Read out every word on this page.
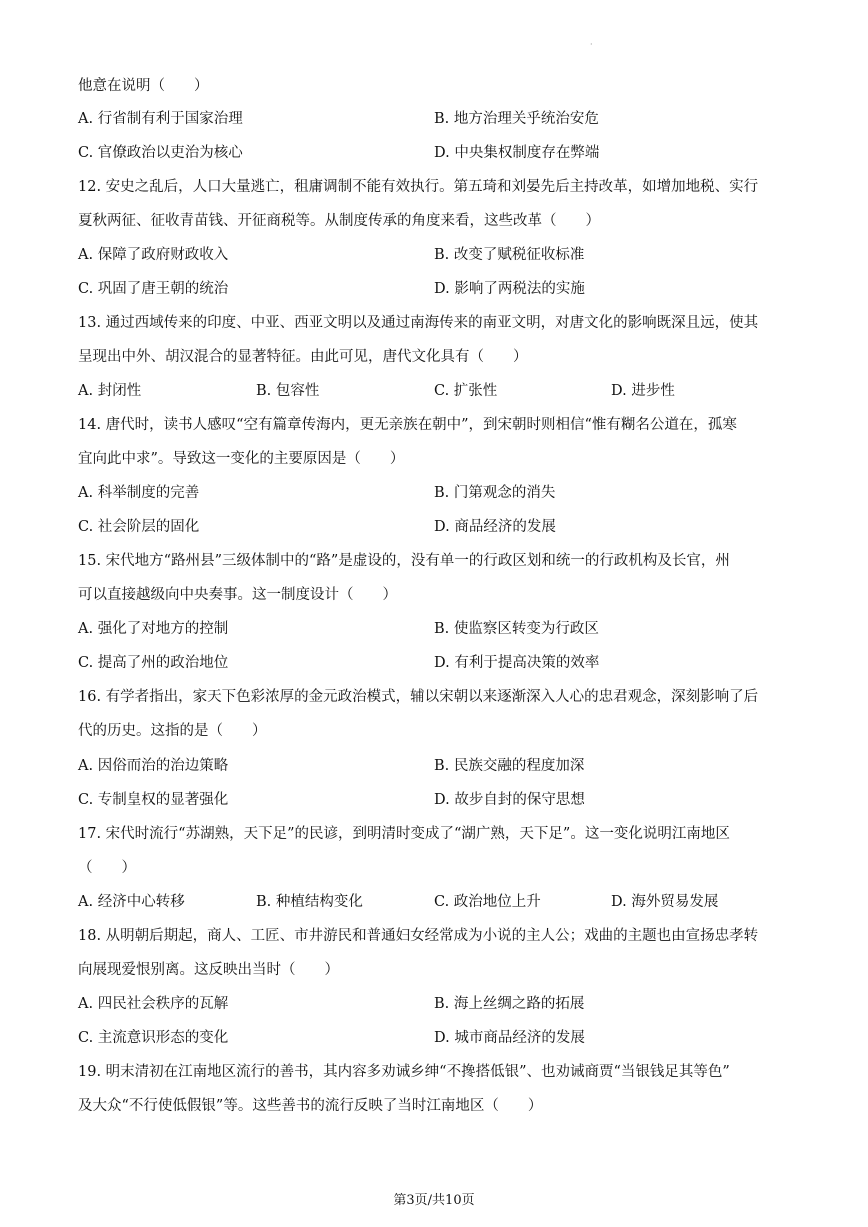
·
他意在说明（　　）
A. 行省制有利于国家治理	B. 地方治理关乎统治安危
C. 官僚政治以吏治为核心	D. 中央集权制度存在弊端
12. 安史之乱后，人口大量逃亡，租庸调制不能有效执行。第五琦和刘晏先后主持改革，如增加地税、实行
夏秋两征、征收青苗钱、开征商税等。从制度传承的角度来看，这些改革（　　）
A. 保障了政府财政收入	B. 改变了赋税征收标准
C. 巩固了唐王朝的统治	D. 影响了两税法的实施
13. 通过西域传来的印度、中亚、西亚文明以及通过南海传来的南亚文明，对唐文化的影响既深且远，使其
呈现出中外、胡汉混合的显著特征。由此可见，唐代文化具有（　　）
A. 封闭性	B. 包容性	C. 扩张性	D. 进步性
14. 唐代时，读书人感叹“空有篇章传海内，更无亲族在朝中”，到宋朝时则相信“惟有糊名公道在，孤寒
宜向此中求”。导致这一变化的主要原因是（　　）
A. 科举制度的完善	B. 门第观念的消失
C. 社会阶层的固化	D. 商品经济的发展
15. 宋代地方“路州县”三级体制中的“路”是虚设的，没有单一的行政区划和统一的行政机构及长官，州
可以直接越级向中央奏事。这一制度设计（　　）
A. 强化了对地方的控制	B. 使监察区转变为行政区
C. 提高了州的政治地位	D. 有利于提高决策的效率
16. 有学者指出，家天下色彩浓厚的金元政治模式，辅以宋朝以来逐渐深入人心的忠君观念，深刻影响了后
代的历史。这指的是（　　）
A. 因俗而治的治边策略	B. 民族交融的程度加深
C. 专制皇权的显著强化	D. 故步自封的保守思想
17. 宋代时流行“苏湖熟，天下足”的民谚，到明清时变成了“湖广熟，天下足”。这一变化说明江南地区
（　　）
A. 经济中心转移	B. 种植结构变化	C. 政治地位上升	D. 海外贸易发展
18. 从明朝后期起，商人、工匠、市井游民和普通妇女经常成为小说的主人公；戏曲的主题也由宣扬忠孝转
向展现爱恨别离。这反映出当时（　　）
A. 四民社会秩序的瓦解	B. 海上丝绸之路的拓展
C. 主流意识形态的变化	D. 城市商品经济的发展
19. 明末清初在江南地区流行的善书，其内容多劝诫乡绅“不搀搭低银”、也劝诫商贾“当银钱足其等色”
及大众“不行使低假银”等。这些善书的流行反映了当时江南地区（　　）
第3页/共10页
